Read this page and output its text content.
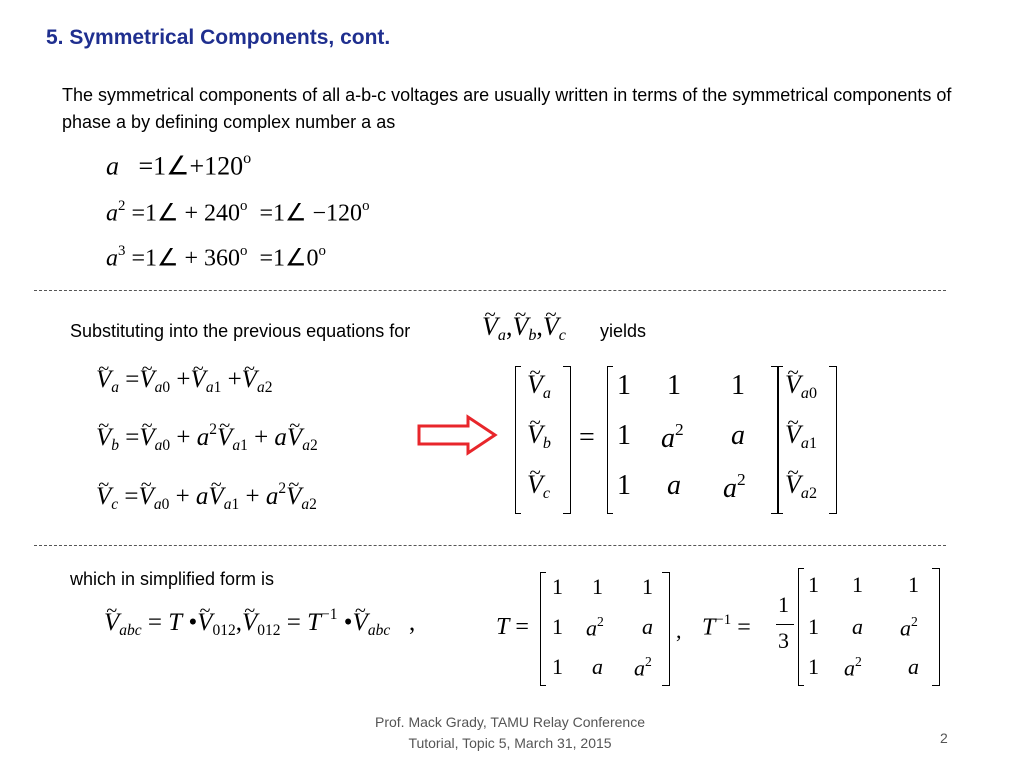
5. Symmetrical Components, cont.
The symmetrical components of all a-b-c voltages are usually written in terms of the symmetrical components of phase a by defining complex number a as
$a =1\angle+120^o$
$a^2$ =1∠ + $240^o$  =1∠ $-120^o$
$a^3$ =1∠ + $360^o$  $=1\angle 0^o$
Substituting into the previous equations for
~	$V_a,\sim$ $V_b,\sim$ $V_c$ yields
~ $V_a$ =~ $V_a0$ +~ $V_a1$ +~ $V_a2$
~ $V_b$ =~ $V_a0$ + $a^2\sim$ $V_a1$ + a~ $V_a2$
~ $V_c$ =~ $V_a0$ + a~ $V_a1$ + $a^2\sim$ $V_a2$
~ $V_a$
~ $V_b$
~ $V_c$
=
1 1 1
1 $a^2$ a
1 a $a^2$
~ $V_a0$
~ $V_a1$
~ $V_a2$
which in simplified form is
~ $V_{abc} = T$ •~ V012,~ $V012 = T^{-1}$ •~ $V_{abc}$   ,	T =
1 1 1
1 $a^2$ a
1 a $a^2$
, $T^{-1}$ =
1
3
1 1 1
1 a $a^2$
1 $a^2$ a
Prof. Mack Grady, TAMU Relay Conference
Tutorial, Topic 5, March 31, 2015	2
